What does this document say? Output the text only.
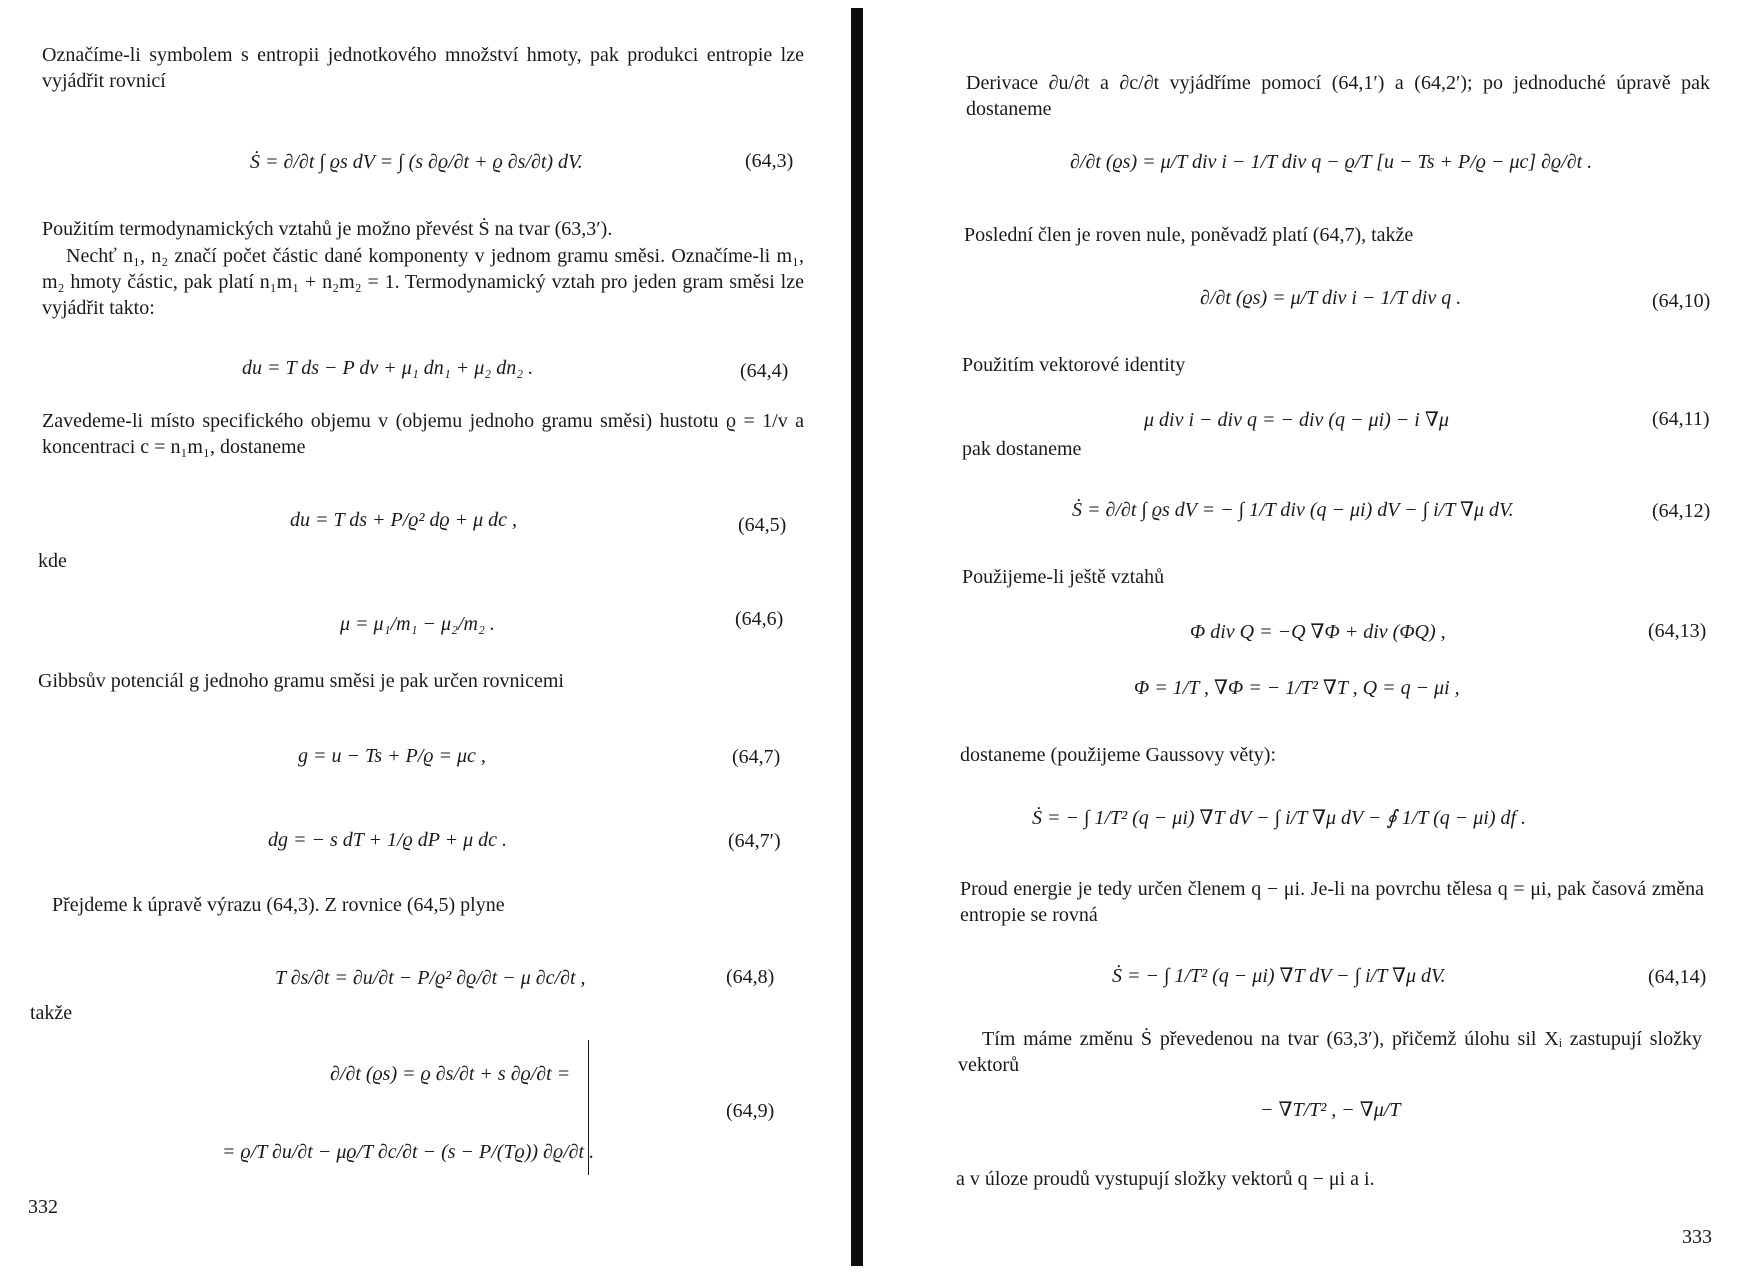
Označíme-li symbolem s entropii jednotkového množství hmoty, pak produkci entropie lze vyjádřit rovnicí

Ṡ = ∂/∂t ∫ ϱs dV = ∫ (s ∂ϱ/∂t + ϱ ∂s/∂t) dV.	(64,3)

Použitím termodynamických vztahů je možno převést Ṡ na tvar (63,3′).

Nechť n₁, n₂ značí počet částic dané komponenty v jednom gramu směsi. Označíme-li m₁, m₂ hmoty částic, pak platí n₁m₁ + n₂m₂ = 1. Termodynamický vztah pro jeden gram směsi lze vyjádřit takto:

du = T ds − P dv + μ₁ dn₁ + μ₂ dn₂ .	(64,4)

Zavedeme-li místo specifického objemu v (objemu jednoho gramu směsi) hustotu ϱ = 1/v a koncentraci c = n₁m₁, dostaneme

du = T ds + P/ϱ² dϱ + μ dc ,	(64,5)
kde
μ = μ₁/m₁ − μ₂/m₂ .	(64,6)

Gibbsův potenciál g jednoho gramu směsi je pak určen rovnicemi

g = u − Ts + P/ϱ = μc ,	(64,7)
dg = − s dT + 1/ϱ dP + μ dc .	(64,7′)

Přejdeme k úpravě výrazu (64,3). Z rovnice (64,5) plyne

T ∂s/∂t = ∂u/∂t − P/ϱ² ∂ϱ/∂t − μ ∂c/∂t ,	(64,8)
takže
∂/∂t (ϱs) = ϱ ∂s/∂t + s ∂ϱ/∂t =
= ϱ/T ∂u/∂t − μϱ/T ∂c/∂t − (s − P/(Tϱ)) ∂ϱ/∂t .
(64,9)
332

Derivace ∂u/∂t a ∂c/∂t vyjádříme pomocí (64,1′) a (64,2′); po jednoduché úpravě pak dostaneme

∂/∂t (ϱs) = μ/T div i − 1/T div q − ϱ/T [u − Ts + P/ϱ − μc] ∂ϱ/∂t .

Poslední člen je roven nule, poněvadž platí (64,7), takže

∂/∂t (ϱs) = μ/T div i − 1/T div q .	(64,10)

Použitím vektorové identity

μ div i − div q = − div (q − μi) − i ∇μ	(64,11)

pak dostaneme

Ṡ = ∂/∂t ∫ ϱs dV = − ∫ 1/T div (q − μi) dV − ∫ i/T ∇μ dV.	(64,12)

Použijeme-li ještě vztahů

Φ div Q = −Q ∇Φ + div (ΦQ) ,	(64,13)
Φ = 1/T , ∇Φ = − 1/T² ∇T , Q = q − μi ,

dostaneme (použijeme Gaussovy věty):

Ṡ = − ∫ 1/T² (q − μi) ∇T dV − ∫ i/T ∇μ dV − ∮ 1/T (q − μi) df .

Proud energie je tedy určen členem q − μi. Je-li na povrchu tělesa q = μi, pak časová změna entropie se rovná

Ṡ = − ∫ 1/T² (q − μi) ∇T dV − ∫ i/T ∇μ dV.	(64,14)

Tím máme změnu Ṡ převedenou na tvar (63,3′), přičemž úlohu sil Xᵢ zastupují složky vektorů

− ∇T/T² , − ∇μ/T

a v úloze proudů vystupují složky vektorů q − μi a i.

333
